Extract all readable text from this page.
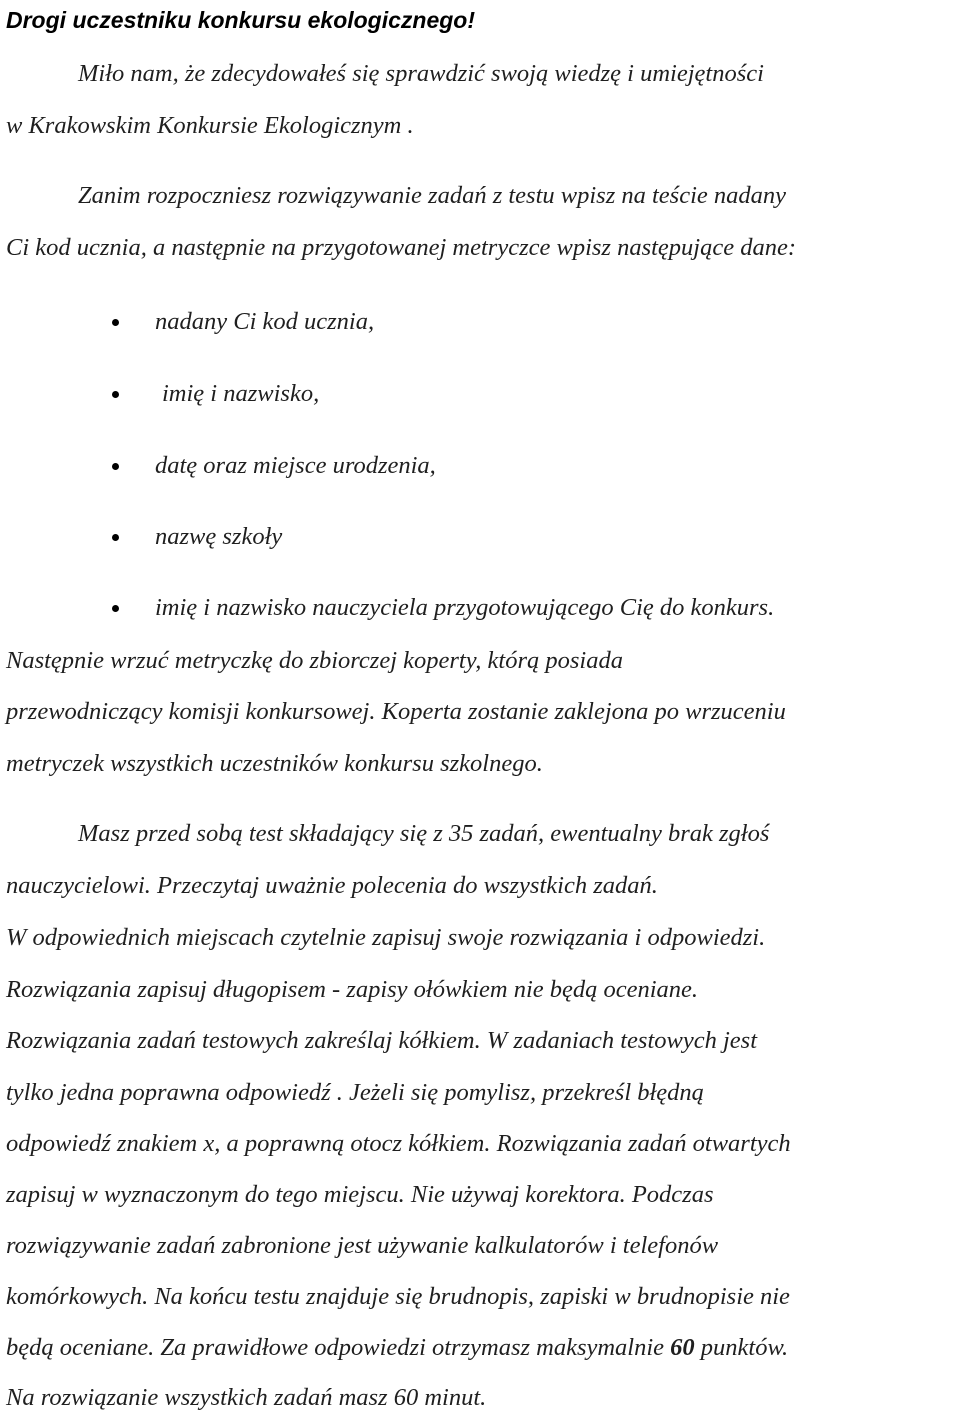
Drogi uczestniku konkursu ekologicznego!

Miło nam, że zdecydowałeś się sprawdzić swoją wiedzę i umiejętności

w Krakowskim Konkursie Ekologicznym .

Zanim rozpoczniesz rozwiązywanie zadań z testu wpisz na teście nadany

Ci kod ucznia, a następnie na przygotowanej metryczce wpisz następujące dane:

nadany Ci kod ucznia,
imię i nazwisko,
datę oraz miejsce urodzenia,
nazwę szkoły
imię i nazwisko nauczyciela przygotowującego Cię do konkurs.

Następnie wrzuć metryczkę do zbiorczej koperty, którą posiada

przewodniczący komisji konkursowej. Koperta zostanie zaklejona po wrzuceniu

metryczek wszystkich uczestników konkursu szkolnego.

Masz przed sobą test składający się z 35 zadań, ewentualny brak zgłoś

nauczycielowi. Przeczytaj uważnie polecenia do wszystkich zadań.

W odpowiednich miejscach czytelnie zapisuj swoje rozwiązania i odpowiedzi.

Rozwiązania zapisuj długopisem - zapisy ołówkiem nie będą oceniane.

Rozwiązania zadań testowych zakreślaj kółkiem. W zadaniach testowych jest

tylko jedna poprawna odpowiedź . Jeżeli się pomylisz, przekreśl błędną

odpowiedź znakiem x, a poprawną otocz kółkiem. Rozwiązania zadań otwartych

zapisuj w wyznaczonym do tego miejscu. Nie używaj korektora. Podczas

rozwiązywanie zadań zabronione jest używanie kalkulatorów i telefonów

komórkowych. Na końcu testu znajduje się brudnopis, zapiski w brudnopisie nie

będą oceniane. Za prawidłowe odpowiedzi otrzymasz maksymalnie 60 punktów.

Na rozwiązanie wszystkich zadań masz 60 minut.
